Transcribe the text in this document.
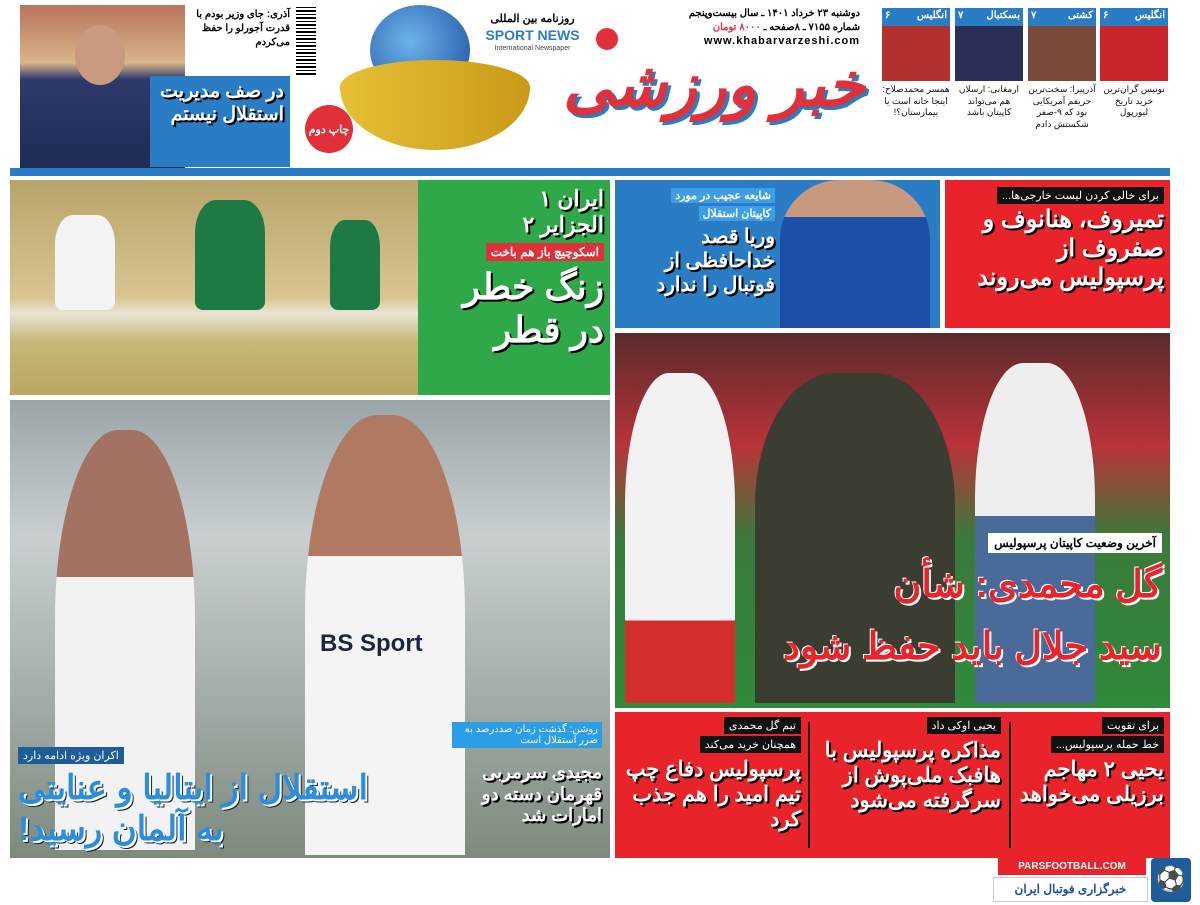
آذری: جای وزیر بودم با قدرت آجورلو را حفظ می‌کردم
در صف مدیریت استقلال نیستم
روزنامه بین المللی
SPORT NEWS
International Newspaper
خبر ورزشی
چاپ دوم
دوشنبه ۲۳ خرداد ۱۴۰۱ ـ سال بیست‌وپنجم
شماره ۷۱۵۵ ـ ۸صفحه ـ ۸۰۰۰ تومان
www.khabarvarzeshi.com
انگلیس
۶
نونیس گران‌ترین خرید تاریخ لیورپول
کشتی
۷
آذرپیرا: سخت‌ترین حریفم آمریکایی بود که ۹-صفر شکستش دادم
بسکتبال
۷
ارمغانی: ارسلان هم می‌تواند کاپیتان باشد
انگلیس
۶
همسر محمدصلاح: اینجا خانه است یا بیمارستان؟!
ایران ۱
الجزایر ۲
اسکوچیچ باز هم باخت
زنگ خطر در قطر
شایعه عجیب در مورد
کاپیتان استقلال
وریا قصد خداحافظی از فوتبال را ندارد
برای خالی کردن لیست خارجی‌ها...
تمیروف، هنانوف و صفروف از پرسپولیس می‌روند
آخرین وضعیت کاپیتان پرسپولیس
گل محمدی: شأن
سید جلال باید حفظ شود
BS Sport
اکران ویژه ادامه دارد
استقلال از ایتالیا و عنایتی
به آلمان رسید!
روشن: گذشت زمان صددرصد به ضرر استقلال است
مجیدی سرمربی قهرمان دسته دو امارات شد
برای تقویت
خط حمله پرسپولیس...
یحیی ۲ مهاجم برزیلی می‌خواهد
یحیی اوکی داد
مذاکره پرسپولیس با هافبک ملی‌پوش از سرگرفته می‌شود
تیم گل محمدی
همچنان خرید می‌کند
پرسپولیس دفاع چپ تیم امید را هم جذب کرد
PARSFOOTBALL.COM
خبرگزاری فوتبال ایران	⚽
